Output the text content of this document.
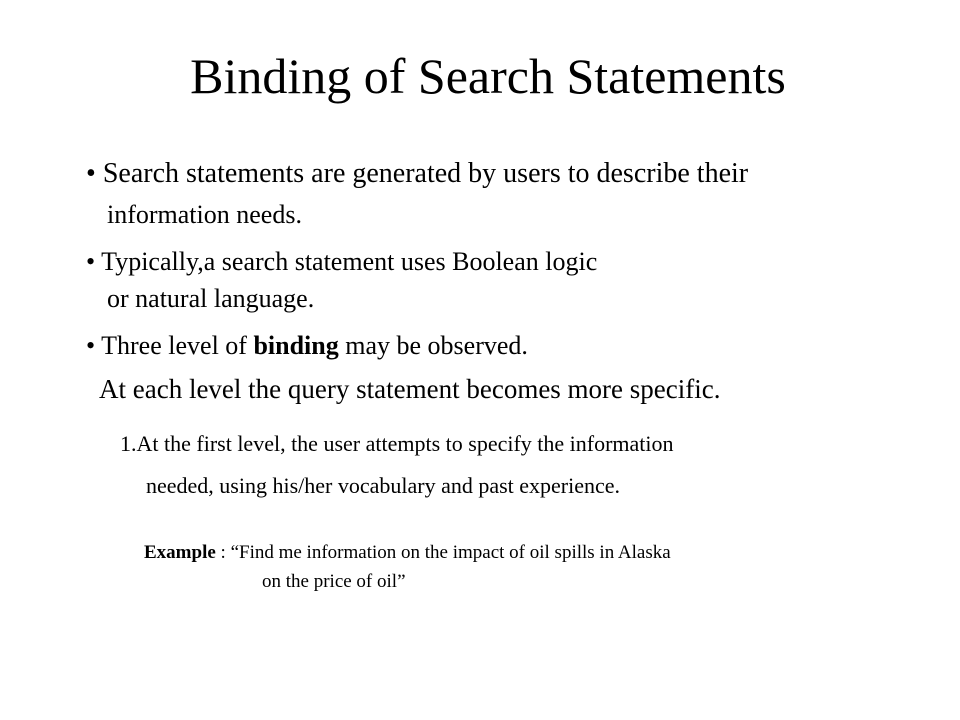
Binding of Search Statements
• Search statements are generated by users to describe their
information needs.
• Typically,a search statement uses Boolean logic
or natural language.
• Three level of binding may be observed.
At each level the query statement becomes more specific.
1.At the first level, the user attempts to specify the information
needed, using his/her vocabulary and past experience.
Example : “Find me information on the impact of oil spills in Alaska
on the price of oil”
